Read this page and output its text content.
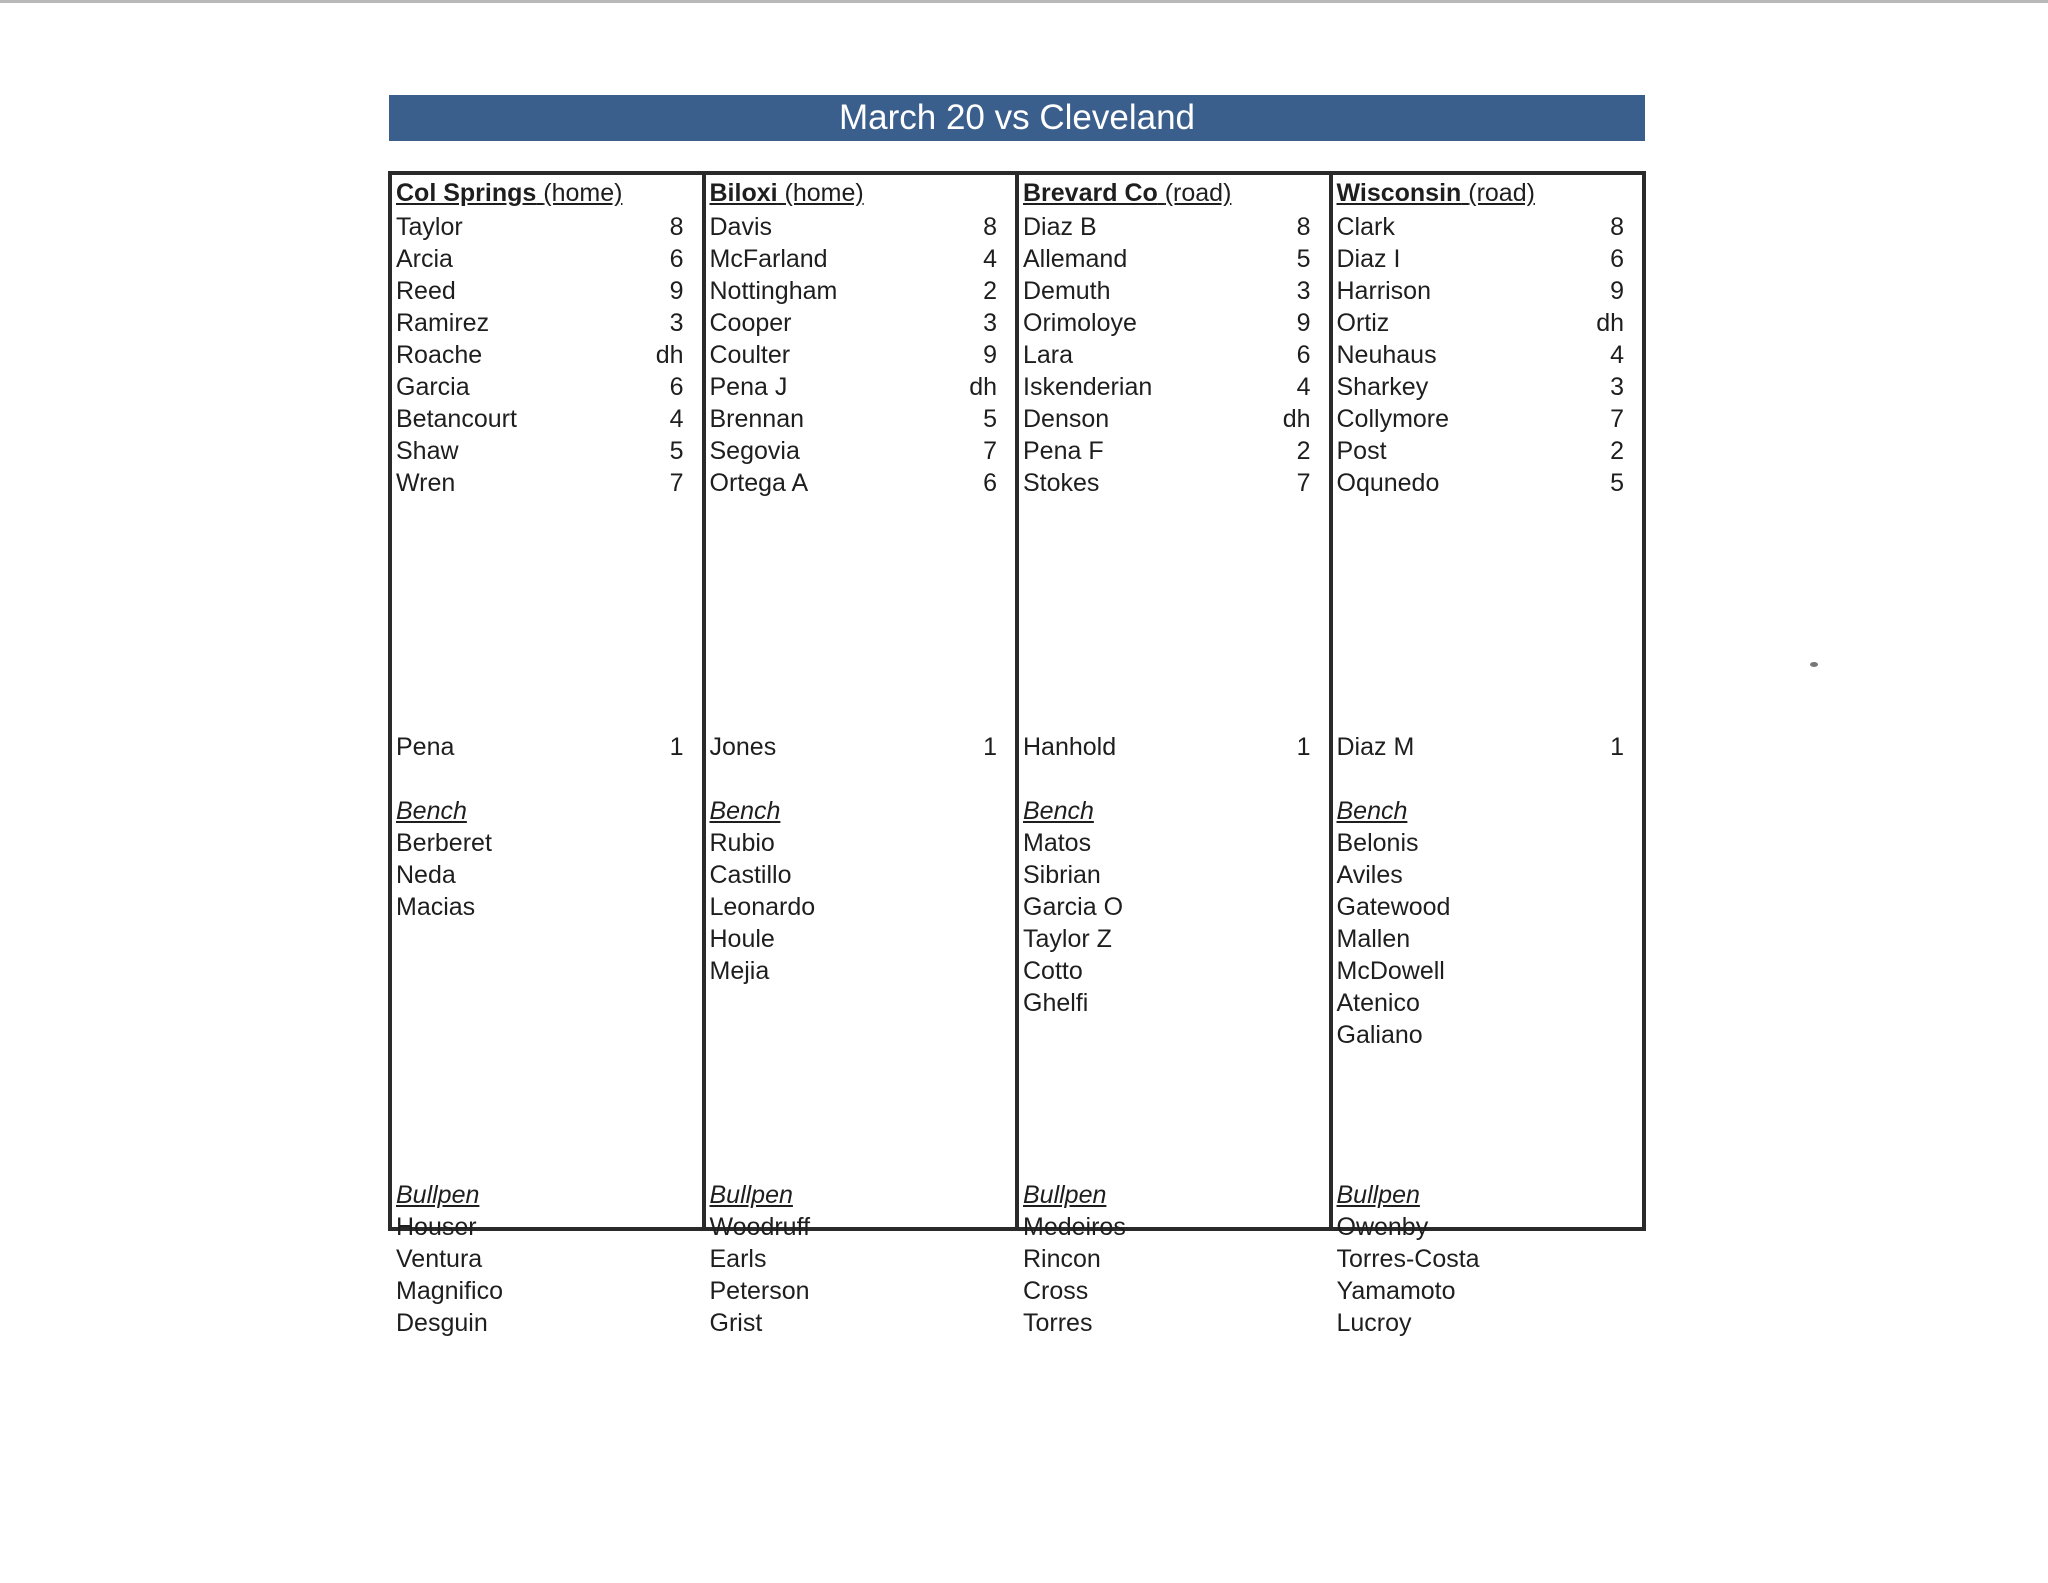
March 20 vs Cleveland
Col Springs (home)
Taylor	8
Arcia	6
Reed	9
Ramirez	3
Roache	dh
Garcia	6
Betancourt	4
Shaw	5
Wren	7
Pena	1
Bench
Berberet
Neda
Macias
Bullpen
Houser
Ventura
Magnifico
Desguin
Biloxi (home)
Davis	8
McFarland	4
Nottingham	2
Cooper	3
Coulter	9
Pena J	dh
Brennan	5
Segovia	7
Ortega A	6
Jones	1
Bench
Rubio
Castillo
Leonardo
Houle
Mejia
Bullpen
Woodruff
Earls
Peterson
Grist
Brevard Co (road)
Diaz B	8
Allemand	5
Demuth	3
Orimoloye	9
Lara	6
Iskenderian	4
Denson	dh
Pena F	2
Stokes	7
Hanhold	1
Bench
Matos
Sibrian
Garcia O
Taylor Z
Cotto
Ghelfi
Bullpen
Medeiros
Rincon
Cross
Torres
Wisconsin (road)
Clark	8
Diaz I	6
Harrison	9
Ortiz	dh
Neuhaus	4
Sharkey	3
Collymore	7
Post	2
Oqunedo	5
Diaz M	1
Bench
Belonis
Aviles
Gatewood
Mallen
McDowell
Atenico
Galiano
Bullpen
Owenby
Torres-Costa
Yamamoto
Lucroy
